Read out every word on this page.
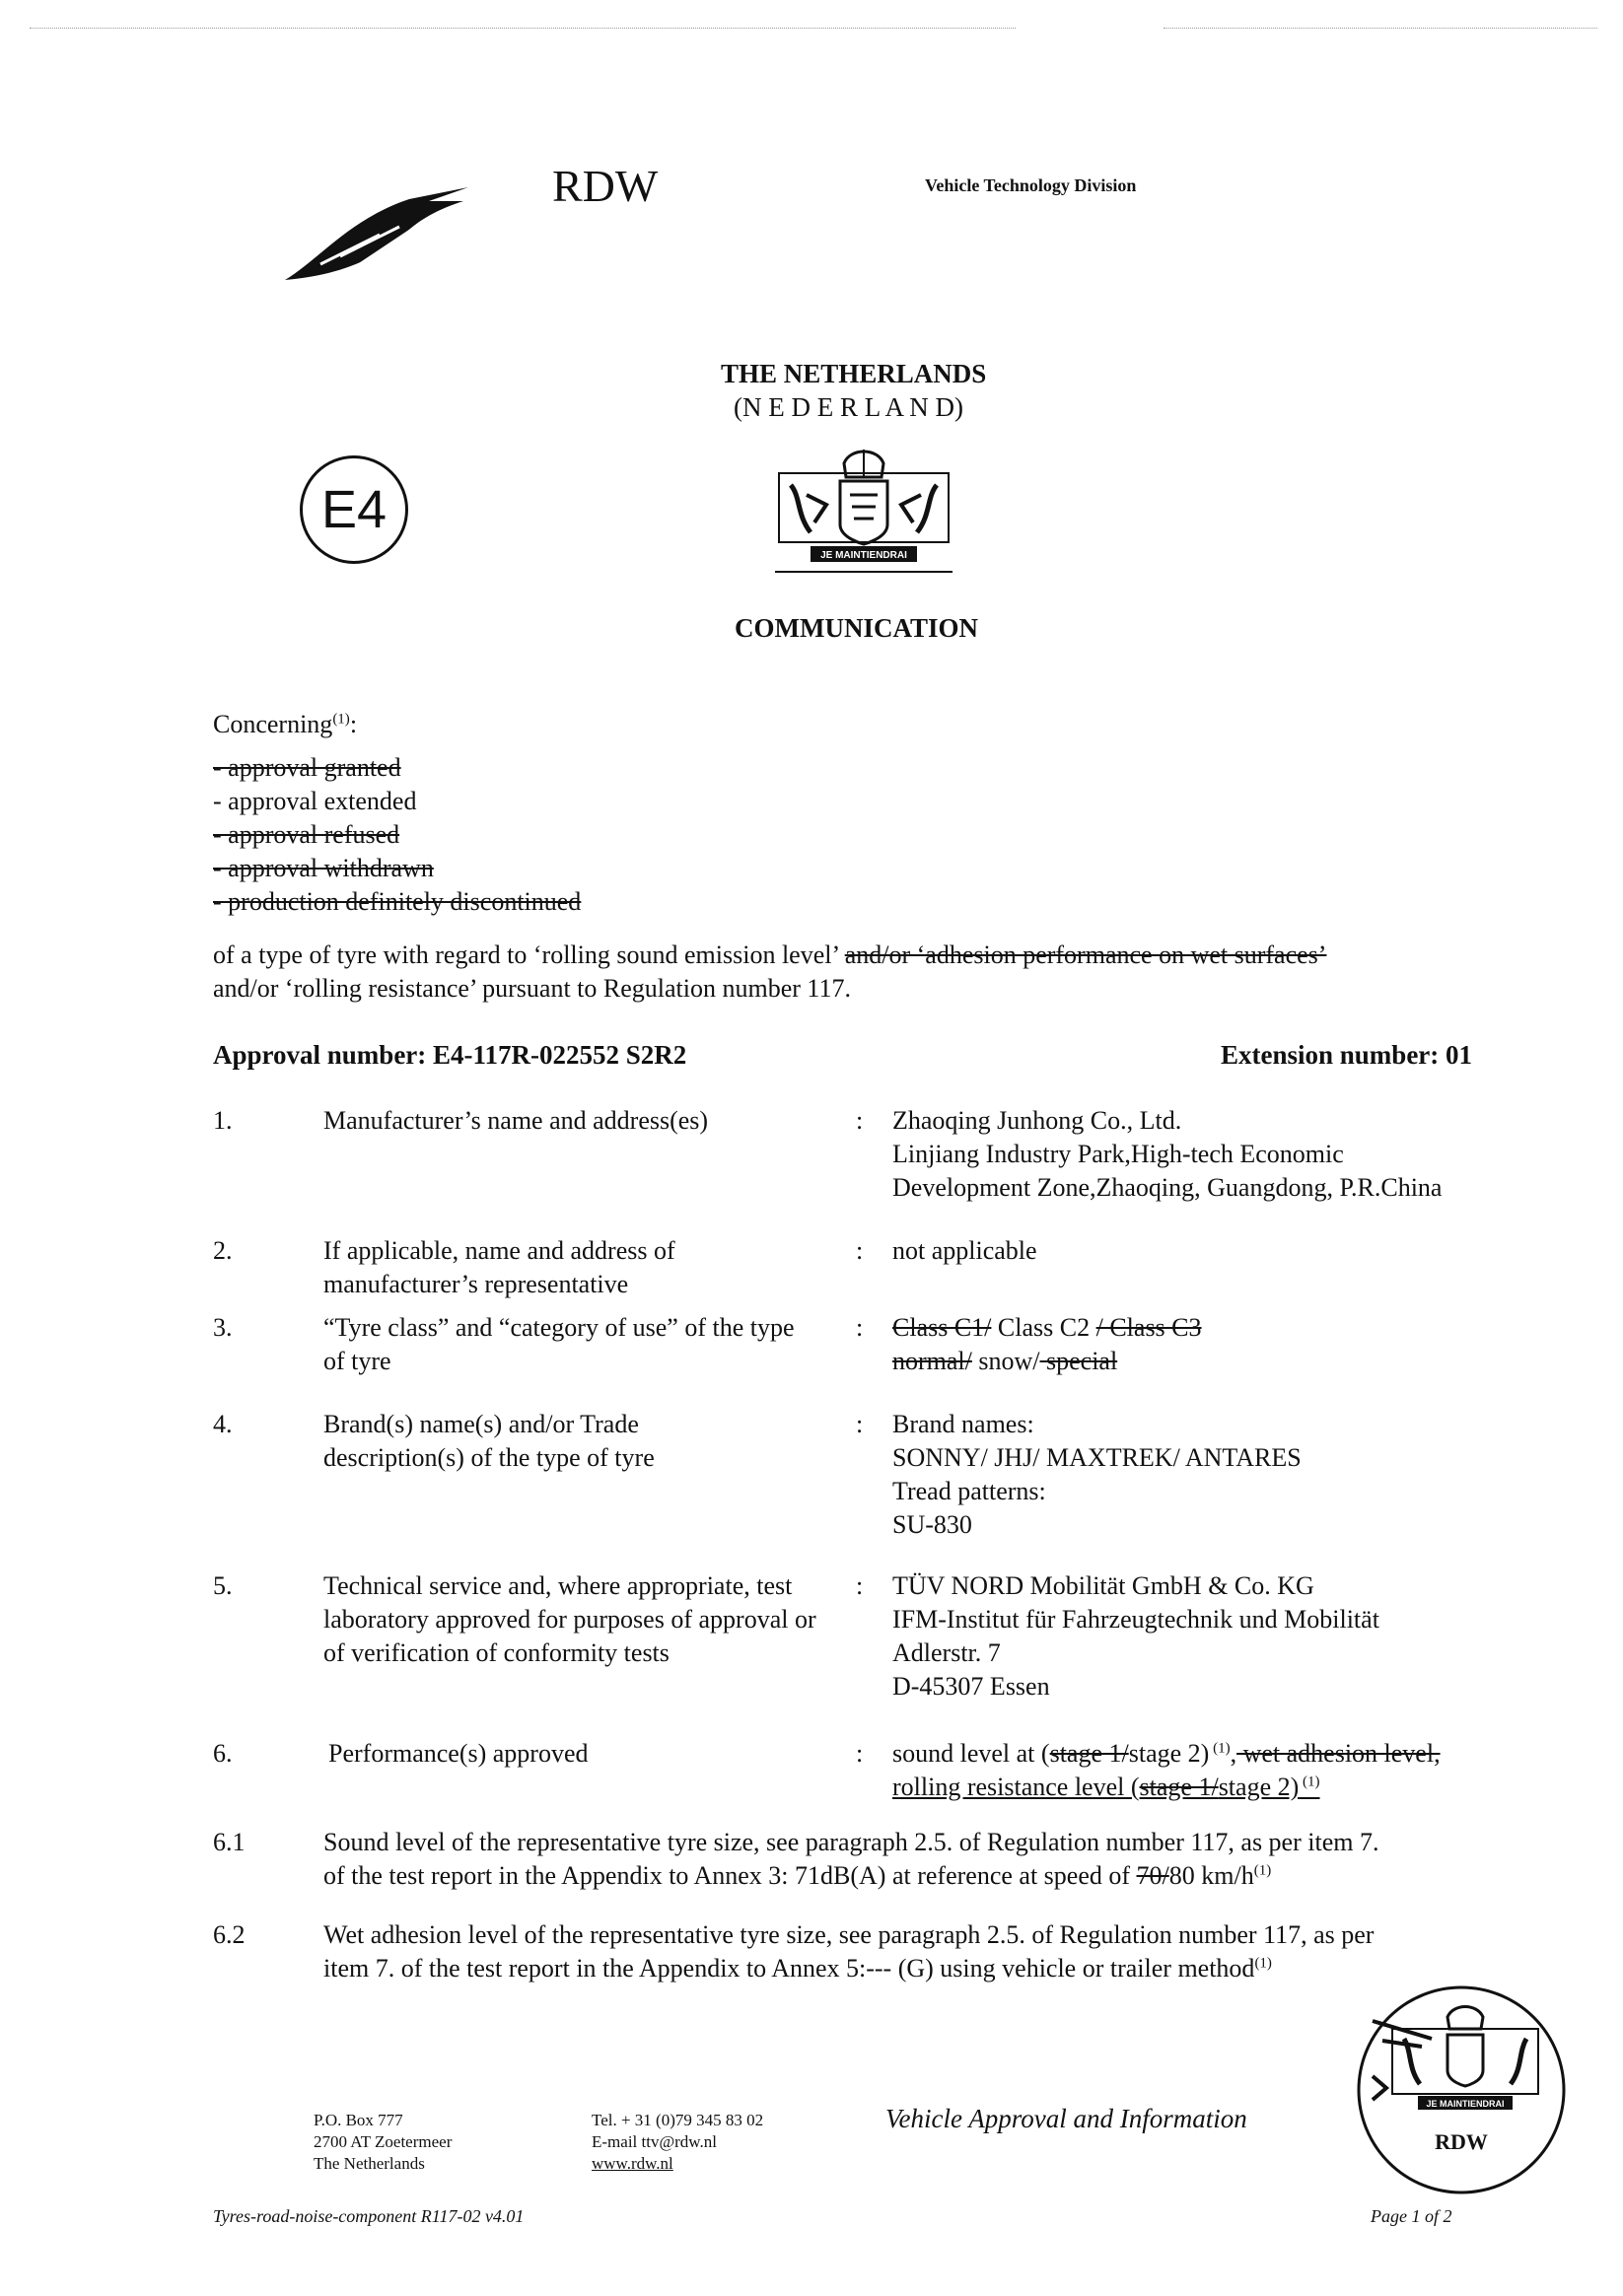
RDW	Vehicle Technology Division
THE NETHERLANDS
(N E D E R L A N D)
E4
JE MAINTIENDRAI
COMMUNICATION
Concerning$^{(1)}$:
- approval granted
- approval extended
- approval refused
- approval withdrawn
- production definitely discontinued
of a type of tyre with regard to ‘rolling sound emission level’ and/or ‘adhesion performance on wet surfaces’
and/or ‘rolling resistance’ pursuant to Regulation number 117.
Approval number: E4-117R-022552 S2R2	Extension number: 01
1.	Manufacturer’s name and address(es)	: Zhaoqing Junhong Co., Ltd.
Linjiang Industry Park,High-tech Economic
Development Zone,Zhaoqing, Guangdong, P.R.China
2.	If applicable, name and address of manufacturer’s representative
: not applicable
3.	“Tyre class” and “category of use” of the type of tyre
: Class C1/ Class C2 / Class C3
normal/ snow/ special
4.	Brand(s) name(s) and/or Trade description(s) of the type of tyre
: Brand names:
SONNY/ JHJ/ MAXTREK/ ANTARES
Tread patterns:
SU-830
5.	Technical service and, where appropriate, test laboratory approved for purposes of approval or of verification of conformity tests
: TÜV NORD Mobilität GmbH & Co. KG
IFM-Institut für Fahrzeugtechnik und Mobilität
Adlerstr. 7
D-45307 Essen
6.	Performance(s) approved	: sound level at (stage 1/stage 2) $^{(1)}$, wet adhesion level,
rolling resistance level (stage 1/stage 2) $^{(1)}$
6.1	Sound level of the representative tyre size, see paragraph 2.5. of Regulation number 117, as per item 7.
of the test report in the Appendix to Annex 3: 71dB(A) at reference at speed of 70/80 $km/h^{(1)}$
6.2	Wet adhesion level of the representative tyre size, see paragraph 2.5. of Regulation number 117, as per
item 7. of the test report in the Appendix to Annex 5:--- (G) using vehicle or trailer method$^{(1)}$
P.O. Box 777
2700 AT Zoetermeer
The Netherlands
Tel. + 31 (0)79 345 83 02
E-mail ttv@rdw.nl
www.rdw.nl
Vehicle Approval and Information	JE MAINTIENDRAI
RDW
Tyres-road-noise-component R117-02 v4.01	Page 1 of 2
